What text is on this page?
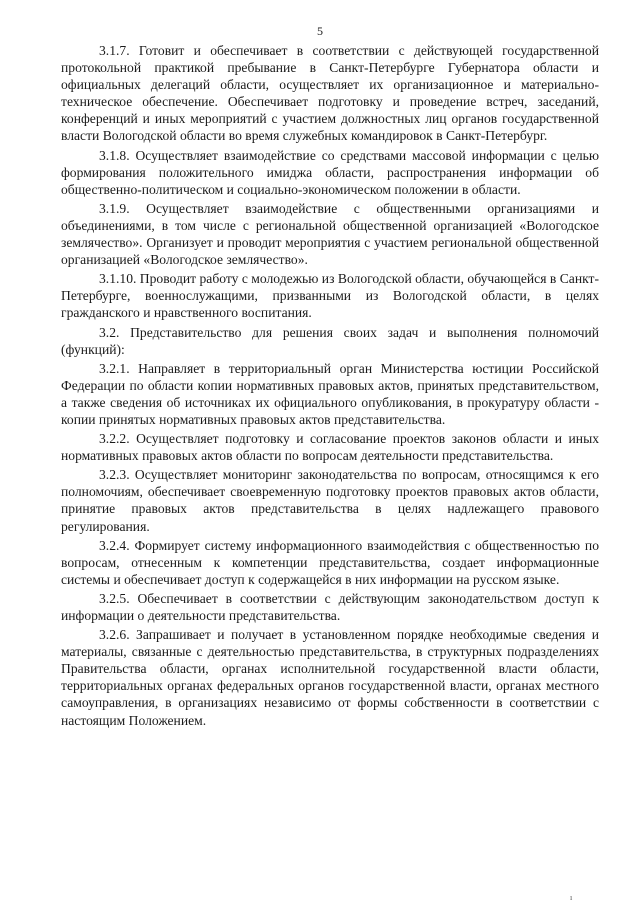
5

3.1.7. Готовит и обеспечивает в соответствии с действующей государственной протокольной практикой пребывание в Санкт-Петербурге Губернатора области и официальных делегаций области, осуществляет их организационное и материально-техническое обеспечение. Обеспечивает подготовку и проведение встреч, заседаний, конференций и иных мероприятий с участием должностных лиц органов государственной власти Вологодской области во время служебных командировок в Санкт-Петербург.

3.1.8. Осуществляет взаимодействие со средствами массовой информации с целью формирования положительного имиджа области, распространения информации об общественно-политическом и социально-экономическом положении в области.

3.1.9. Осуществляет взаимодействие с общественными организациями и объединениями, в том числе с региональной общественной организацией «Вологодское землячество». Организует и проводит мероприятия с участием региональной общественной организацией «Вологодское землячество».

3.1.10. Проводит работу с молодежью из Вологодской области, обучающейся в Санкт-Петербурге, военнослужащими, призванными из Вологодской области, в целях гражданского и нравственного воспитания.

3.2. Представительство для решения своих задач и выполнения полномочий (функций):

3.2.1. Направляет в территориальный орган Министерства юстиции Российской Федерации по области копии нормативных правовых актов, принятых представительством, а также сведения об источниках их официального опубликования, в прокуратуру области - копии принятых нормативных правовых актов представительства.

3.2.2. Осуществляет подготовку и согласование проектов законов области и иных нормативных правовых актов области по вопросам деятельности представительства.

3.2.3. Осуществляет мониторинг законодательства по вопросам, относящимся к его полномочиям, обеспечивает своевременную подготовку проектов правовых актов области, принятие правовых актов представительства в целях надлежащего правового регулирования.

3.2.4. Формирует систему информационного взаимодействия с общественностью по вопросам, отнесенным к компетенции представительства, создает информационные системы и обеспечивает доступ к содержащейся в них информации на русском языке.

3.2.5. Обеспечивает в соответствии с действующим законодательством доступ к информации о деятельности представительства.

3.2.6. Запрашивает и получает в установленном порядке необходимые сведения и материалы, связанные с деятельностью представительства, в структурных подразделениях Правительства области, органах исполнительной государственной власти области, территориальных органах федеральных органов государственной власти, органах местного самоуправления, в организациях независимо от формы собственности в соответствии с настоящим Положением.

ı
